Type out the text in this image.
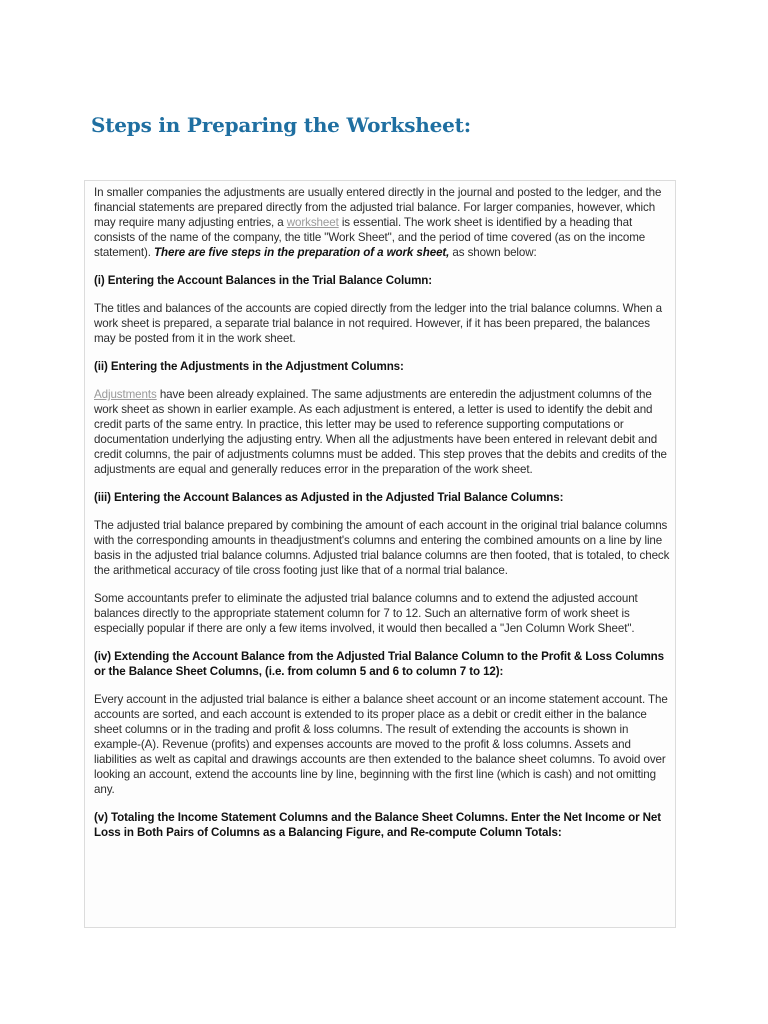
Steps in Preparing the Worksheet:

In smaller companies the adjustments are usually entered directly in the journal and posted to the ledger, and the financial statements are prepared directly from the adjusted trial balance. For larger companies, however, which may require many adjusting entries, a worksheet is essential. The work sheet is identified by a heading that consists of the name of the company, the title "Work Sheet", and the period of time covered (as on the income statement). There are five steps in the preparation of a work sheet, as shown below:

(i) Entering the Account Balances in the Trial Balance Column:

The titles and balances of the accounts are copied directly from the ledger into the trial balance columns. When a work sheet is prepared, a separate trial balance in not required. However, if it has been prepared, the balances may be posted from it in the work sheet.

(ii) Entering the Adjustments in the Adjustment Columns:

Adjustments have been already explained. The same adjustments are enteredin the adjustment columns of the work sheet as shown in earlier example. As each adjustment is entered, a letter is used to identify the debit and credit parts of the same entry. In practice, this letter may be used to reference supporting computations or documentation underlying the adjusting entry. When all the adjustments have been entered in relevant debit and credit columns, the pair of adjustments columns must be added. This step proves that the debits and credits of the adjustments are equal and generally reduces error in the preparation of the work sheet.

(iii) Entering the Account Balances as Adjusted in the Adjusted Trial Balance Columns:

The adjusted trial balance prepared by combining the amount of each account in the original trial balance columns with the corresponding amounts in theadjustment's columns and entering the combined amounts on a line by line basis in the adjusted trial balance columns. Adjusted trial balance columns are then footed, that is totaled, to check the arithmetical accuracy of tile cross footing just like that of a normal trial balance.

Some accountants prefer to eliminate the adjusted trial balance columns and to extend the adjusted account balances directly to the appropriate statement column for 7 to 12. Such an alternative form of work sheet is especially popular if there are only a few items involved, it would then becalled a "Jen Column Work Sheet".

(iv) Extending the Account Balance from the Adjusted Trial Balance Column to the Profit & Loss Columns or the Balance Sheet Columns, (i.e. from column 5 and 6 to column 7 to 12):

Every account in the adjusted trial balance is either a balance sheet account or an income statement account. The accounts are sorted, and each account is extended to its proper place as a debit or credit either in the balance sheet columns or in the trading and profit & loss columns. The result of extending the accounts is shown in example-(A). Revenue (profits) and expenses accounts are moved to the profit & loss columns. Assets and liabilities as welt as capital and drawings accounts are then extended to the balance sheet columns. To avoid over looking an account, extend the accounts line by line, beginning with the first line (which is cash) and not omitting any.

(v) Totaling the Income Statement Columns and the Balance Sheet Columns. Enter the Net Income or Net Loss in Both Pairs of Columns as a Balancing Figure, and Re-compute Column Totals:
